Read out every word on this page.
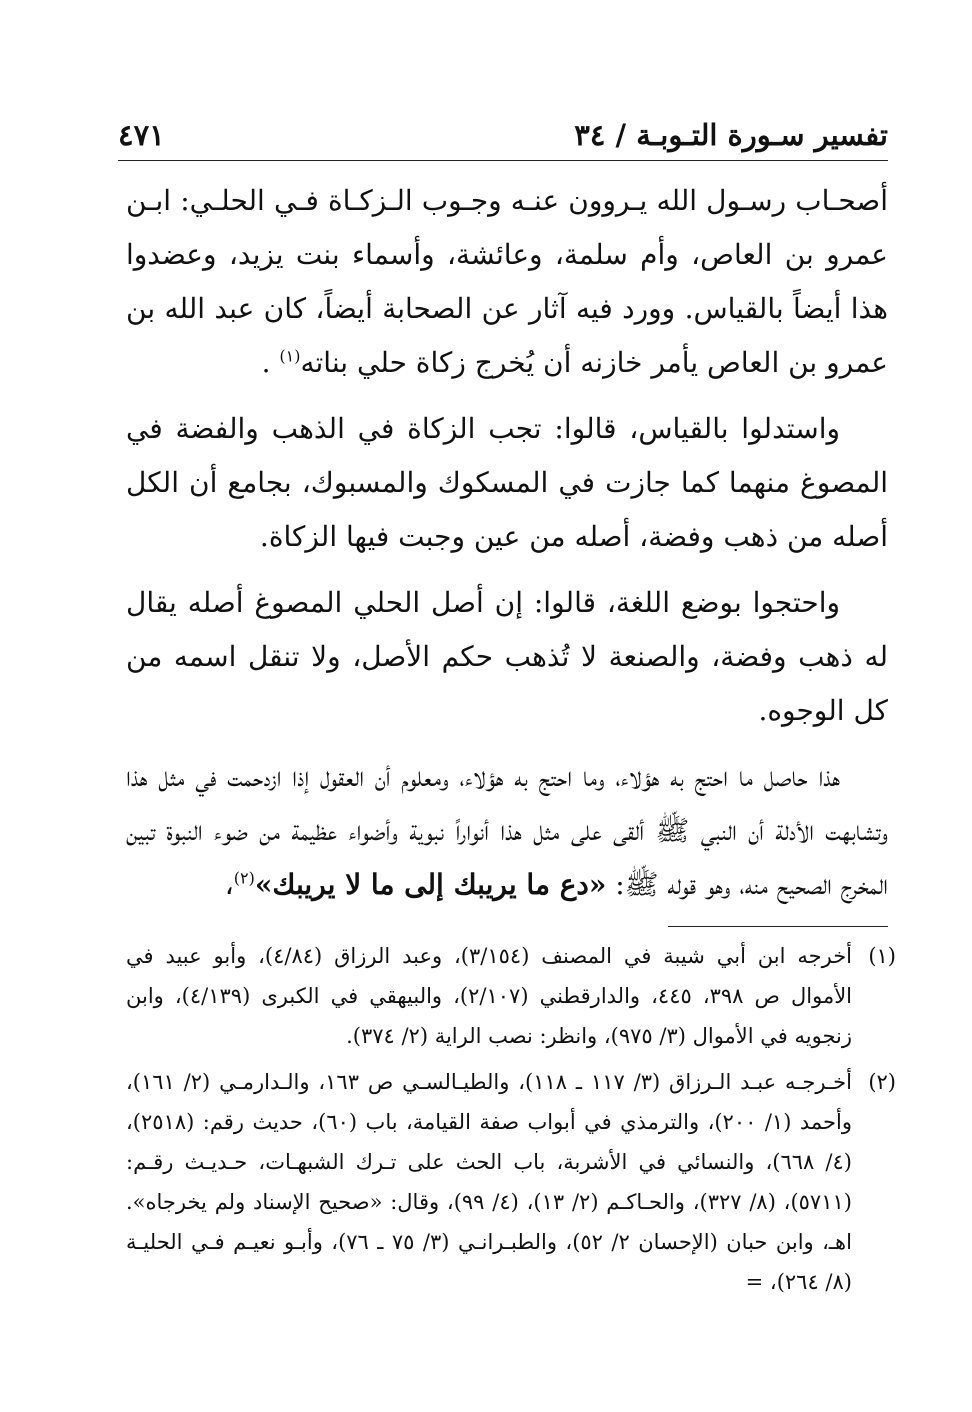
تفسير سـورة التـوبـة / ٣٤
٤٧١

أصحـاب رسـول الله يـروون عنـه وجـوب الـزكـاة فـي الحلـي: ابـن عمرو بن العاص، وأم سلمة، وعائشة، وأسماء بنت يزيد، وعضدوا هذا أيضاً بالقياس. وورد فيه آثار عن الصحابة أيضاً، كان عبد الله بن عمرو بن العاص يأمر خازنه أن يُخرج زكاة حلي بناته$^{(١)}$ .

واستدلوا بالقياس، قالوا: تجب الزكاة في الذهب والفضة في المصوغ منهما كما جازت في المسكوك والمسبوك، بجامع أن الكل أصله من ذهب وفضة، أصله من عين وجبت فيها الزكاة.

واحتجوا بوضع اللغة، قالوا: إن أصل الحلي المصوغ أصله يقال له ذهب وفضة، والصنعة لا تُذهب حكم الأصل، ولا تنقل اسمه من كل الوجوه.

هذا حاصل ما احتج به هؤلاء، وما احتج به هؤلاء، ومعلوم أن العقول إذا ازدحمت في مثل هذا وتشابهت الأدلة أن النبي ﷺ ألقى على مثل هذا أنواراً نبوية وأضواء عظيمة من ضوء النبوة تبين المخرج الصحيح منه، وهو قوله ﷺ: «دع ما يريبك إلى ما لا يريبك»$^{(٢)}$،

(١)
أخرجه ابن أبي شيبة في المصنف (٣/١٥٤)، وعبد الرزاق (٤/٨٤)، وأبو عبيد في الأموال ص ٣٩٨، ٤٤٥، والدارقطني (٢/١٠٧)، والبيهقي في الكبرى (٤/١٣٩)، وابن زنجويه في الأموال (٣/ ٩٧٥)، وانظر: نصب الراية (٢/ ٣٧٤).
(٢)
أخـرجـه عبـد الـرزاق (٣/ ١١٧ ـ ١١٨)، والطيـالسـي ص ١٦٣، والـدارمـي (٢/ ١٦١)، وأحمد (١/ ٢٠٠)، والترمذي في أبواب صفة القيامة، باب (٦٠)، حديث رقم: (٢٥١٨)، (٤/ ٦٦٨)، والنسائي في الأشربة، باب الحث على تـرك الشبهـات، حـديـث رقـم: (٥٧١١)، (٨/ ٣٢٧)، والحـاكـم (٢/ ١٣)، (٤/ ٩٩)، وقال: «صحيح الإسناد ولم يخرجاه». اهـ، وابن حبان (الإحسان ٢/ ٥٢)، والطبـرانـي (٣/ ٧٥ ـ ٧٦)، وأبـو نعيـم فـي الحليـة (٨/ ٢٦٤)، =
